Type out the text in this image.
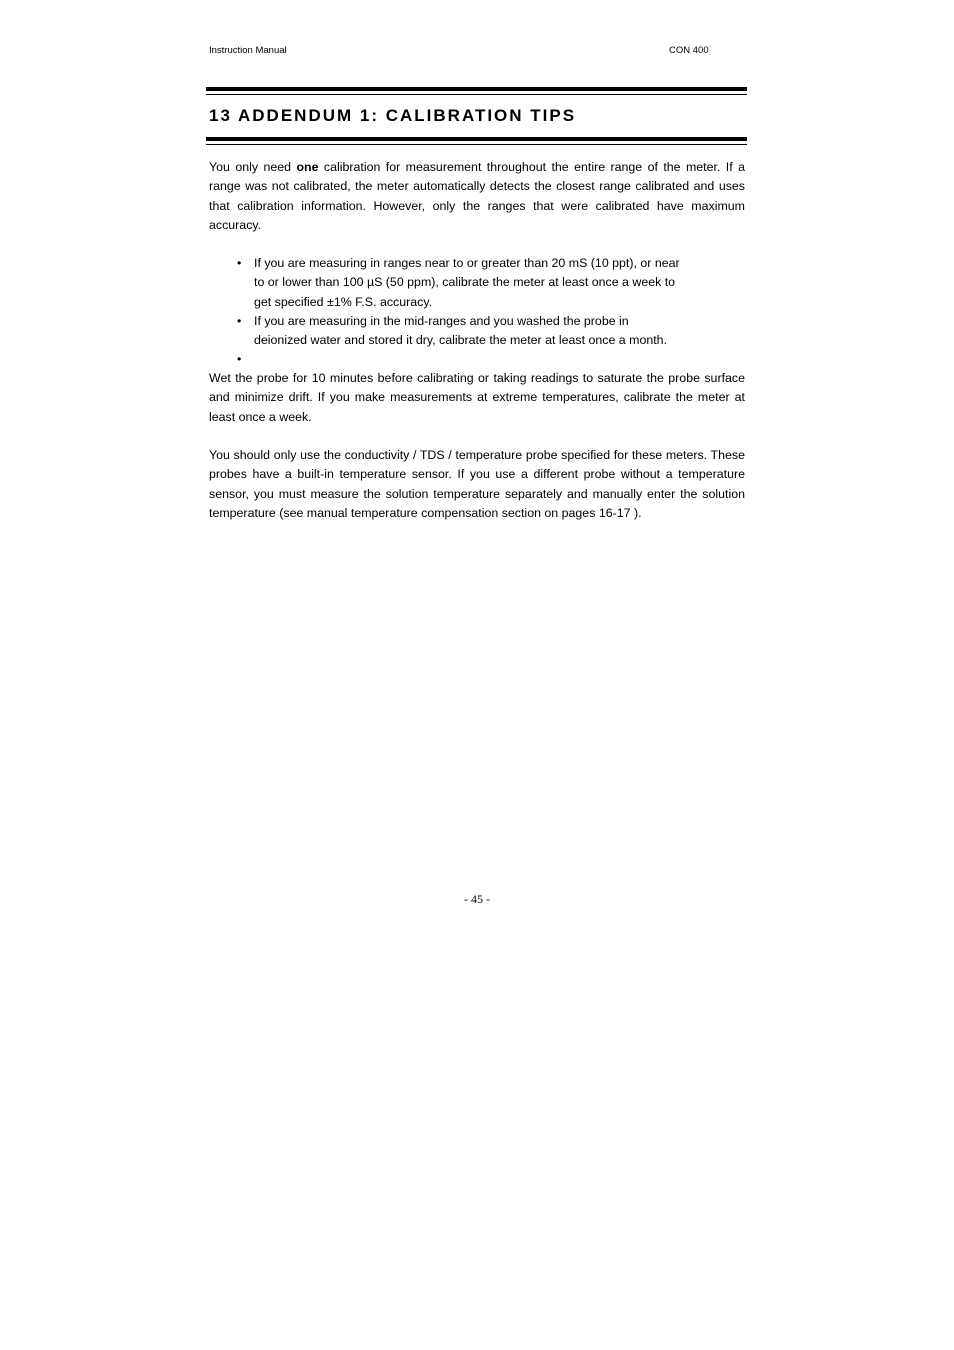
Instruction Manual	CON 400
13 ADDENDUM 1: CALIBRATION TIPS

You only need one calibration for measurement throughout the entire range of the meter. If a range was not calibrated, the meter automatically detects the closest range calibrated and uses that calibration information. However, only the ranges that were calibrated have maximum accuracy.

• If you are measuring in ranges near to or greater than 20 mS (10 ppt), or near to or lower than 100 µS (50 ppm), calibrate the meter at least once a week to get specified ±1% F.S. accuracy.
• If you are measuring in the mid-ranges and you washed the probe in deionized water and stored it dry, calibrate the meter at least once a month.
•

Wet the probe for 10 minutes before calibrating or taking readings to saturate the probe surface and minimize drift. If you make measurements at extreme temperatures, calibrate the meter at least once a week.

You should only use the conductivity / TDS / temperature probe specified for these meters. These probes have a built-in temperature sensor. If you use a different probe without a temperature sensor, you must measure the solution temperature separately and manually enter the solution temperature (see manual temperature compensation section on pages 16-17 ).

- 45 -
